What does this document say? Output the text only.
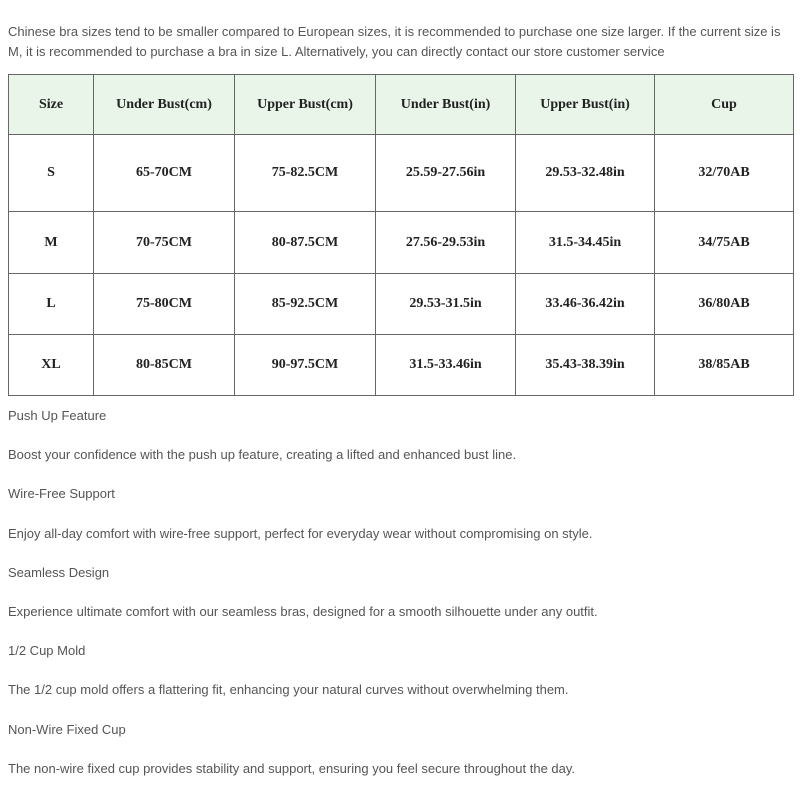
Chinese bra sizes tend to be smaller compared to European sizes, it is recommended to purchase one size larger. If the current size is M, it is recommended to purchase a bra in size L. Alternatively, you can directly contact our store customer service

Size	Under Bust(cm)	Upper Bust(cm)	Under Bust(in)	Upper Bust(in)	Cup
S	65-70CM	75-82.5CM	25.59-27.56in	29.53-32.48in	32/70AB
M	70-75CM	80-87.5CM	27.56-29.53in	31.5-34.45in	34/75AB
L	75-80CM	85-92.5CM	29.53-31.5in	33.46-36.42in	36/80AB
XL	80-85CM	90-97.5CM	31.5-33.46in	35.43-38.39in	38/85AB

Push Up Feature

Boost your confidence with the push up feature, creating a lifted and enhanced bust line.

Wire-Free Support

Enjoy all-day comfort with wire-free support, perfect for everyday wear without compromising on style.

Seamless Design

Experience ultimate comfort with our seamless bras, designed for a smooth silhouette under any outfit.

1/2 Cup Mold

The 1/2 cup mold offers a flattering fit, enhancing your natural curves without overwhelming them.

Non-Wire Fixed Cup

The non-wire fixed cup provides stability and support, ensuring you feel secure throughout the day.
